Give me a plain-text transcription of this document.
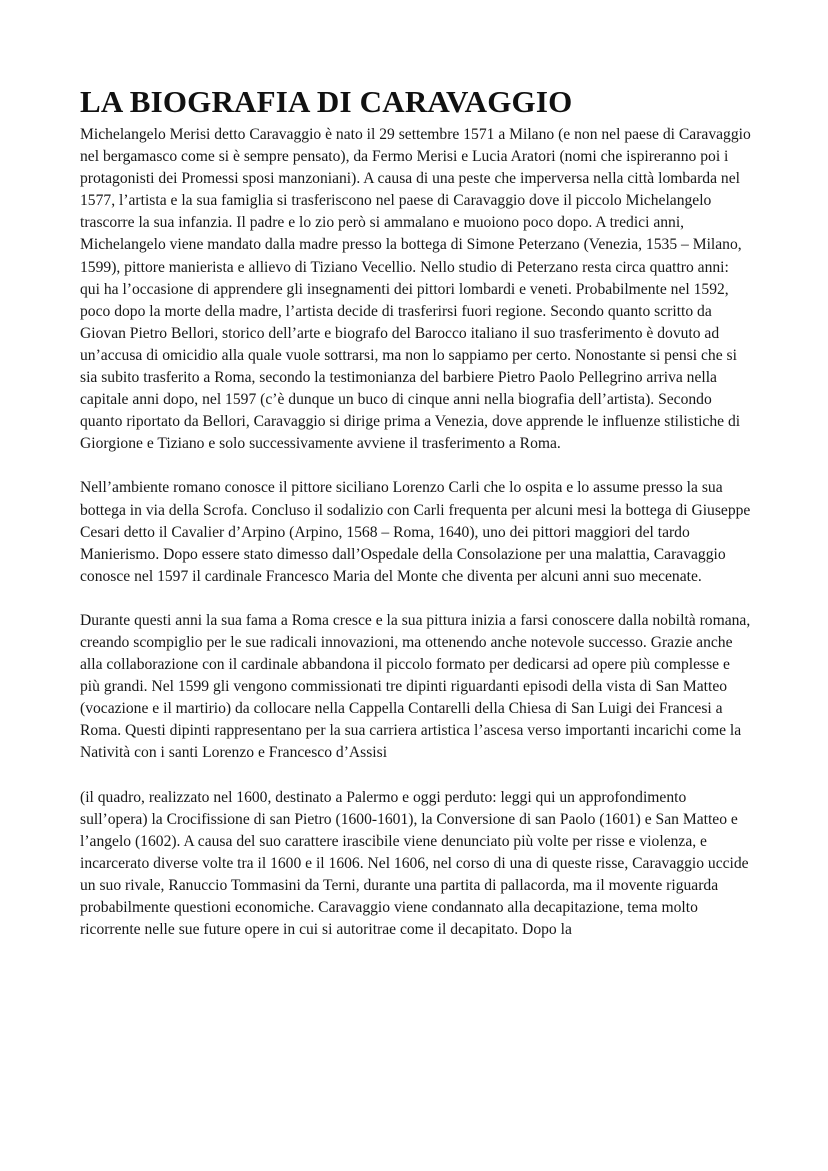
LA BIOGRAFIA DI CARAVAGGIO

Michelangelo Merisi detto Caravaggio è nato il 29 settembre 1571 a Milano (e non nel paese di Caravaggio nel bergamasco come si è sempre pensato), da Fermo Merisi e Lucia Aratori (nomi che ispireranno poi i protagonisti dei Promessi sposi manzoniani). A causa di una peste che imperversa nella città lombarda nel 1577, l’artista e la sua famiglia si trasferiscono nel paese di Caravaggio dove il piccolo Michelangelo trascorre la sua infanzia. Il padre e lo zio però si ammalano e muoiono poco dopo. A tredici anni, Michelangelo viene mandato dalla madre presso la bottega di Simone Peterzano (Venezia, 1535 – Milano, 1599), pittore manierista e allievo di Tiziano Vecellio. Nello studio di Peterzano resta circa quattro anni: qui ha l’occasione di apprendere gli insegnamenti dei pittori lombardi e veneti. Probabilmente nel 1592, poco dopo la morte della madre, l’artista decide di trasferirsi fuori regione. Secondo quanto scritto da Giovan Pietro Bellori, storico dell’arte e biografo del Barocco italiano il suo trasferimento è dovuto ad un’accusa di omicidio alla quale vuole sottrarsi, ma non lo sappiamo per certo. Nonostante si pensi che si sia subito trasferito a Roma, secondo la testimonianza del barbiere Pietro Paolo Pellegrino arriva nella capitale anni dopo, nel 1597 (c’è dunque un buco di cinque anni nella biografia dell’artista). Secondo quanto riportato da Bellori, Caravaggio si dirige prima a Venezia, dove apprende le influenze stilistiche di Giorgione e Tiziano e solo successivamente avviene il trasferimento a Roma.

Nell’ambiente romano conosce il pittore siciliano Lorenzo Carli che lo ospita e lo assume presso la sua bottega in via della Scrofa. Concluso il sodalizio con Carli frequenta per alcuni mesi la bottega di Giuseppe Cesari detto il Cavalier d’Arpino (Arpino, 1568 – Roma, 1640), uno dei pittori maggiori del tardo Manierismo. Dopo essere stato dimesso dall’Ospedale della Consolazione per una malattia, Caravaggio conosce nel 1597 il cardinale Francesco Maria del Monte che diventa per alcuni anni suo mecenate.

Durante questi anni la sua fama a Roma cresce e la sua pittura inizia a farsi conoscere dalla nobiltà romana, creando scompiglio per le sue radicali innovazioni, ma ottenendo anche notevole successo. Grazie anche alla collaborazione con il cardinale abbandona il piccolo formato per dedicarsi ad opere più complesse e più grandi. Nel 1599 gli vengono commissionati tre dipinti riguardanti episodi della vista di San Matteo (vocazione e il martirio) da collocare nella Cappella Contarelli della Chiesa di San Luigi dei Francesi a Roma. Questi dipinti rappresentano per la sua carriera artistica l’ascesa verso importanti incarichi come la Natività con i santi Lorenzo e Francesco d’Assisi

(il quadro, realizzato nel 1600, destinato a Palermo e oggi perduto: leggi qui un approfondimento sull’opera) la Crocifissione di san Pietro (1600-1601), la Conversione di san Paolo (1601) e San Matteo e l’angelo (1602). A causa del suo carattere irascibile viene denunciato più volte per risse e violenza, e incarcerato diverse volte tra il 1600 e il 1606. Nel 1606, nel corso di una di queste risse, Caravaggio uccide un suo rivale, Ranuccio Tommasini da Terni, durante una partita di pallacorda, ma il movente riguarda probabilmente questioni economiche. Caravaggio viene condannato alla decapitazione, tema molto ricorrente nelle sue future opere in cui si autoritrae come il decapitato. Dopo la
